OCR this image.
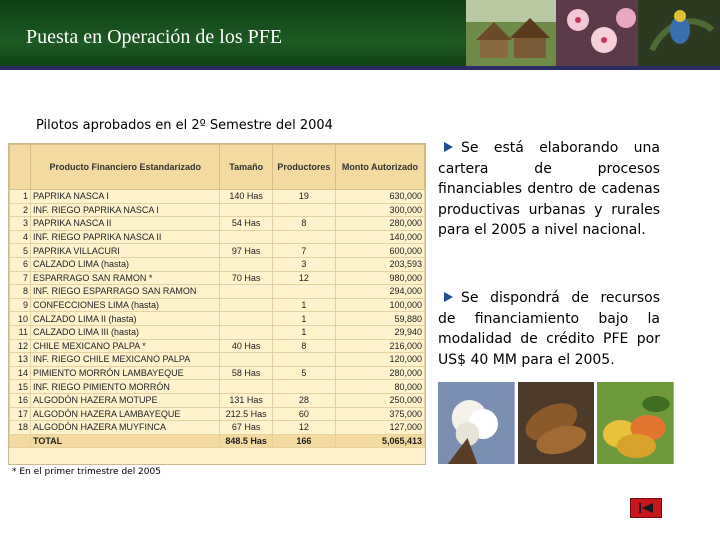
Puesta en Operación de los PFE
Pilotos aprobados en el 2º Semestre del 2004
	Producto Financiero Estandarizado	Tamaño	Productores	Monto Autorizado
1	PAPRIKA NASCA I	140 Has	19	630,000
2	INF. RIEGO PAPRIKA NASCA I			300,000
3	PAPRIKA NASCA II	54 Has	8	280,000
4	INF. RIEGO PAPRIKA NASCA II			140,000
5	PAPRIKA VILLACURI	97 Has	7	600,000
6	CALZADO LIMA (hasta)		3	203,593
7	ESPARRAGO SAN RAMON *	70 Has	12	980,000
8	INF. RIEGO ESPARRAGO SAN RAMON			294,000
9	CONFECCIONES LIMA (hasta)		1	100,000
10	CALZADO LIMA II (hasta)		1	59,880
11	CALZADO LIMA III (hasta)		1	29,940
12	CHILE MEXICANO PALPA *	40 Has	8	216,000
13	INF. RIEGO CHILE MEXICANO PALPA			120,000
14	PIMIENTO MORRÓN LAMBAYEQUE	58 Has	5	280,000
15	INF. RIEGO PIMIENTO MORRÓN			80,000
16	ALGODÓN HAZERA MOTUPE	131 Has	28	250,000
17	ALGODÓN HAZERA LAMBAYEQUE	212.5 Has	60	375,000
18	ALGODÓN HAZERA MUYFINCA	67 Has	12	127,000
	TOTAL	848.5 Has	166	5,065,413
* En el primer trimestre del 2005
Se está elaborando una cartera de procesos financiables dentro de cadenas productivas urbanas y rurales para el 2005 a nivel nacional.
Se dispondrá de recursos de financiamiento bajo la modalidad de crédito PFE por US$ 40 MM para el 2005.
